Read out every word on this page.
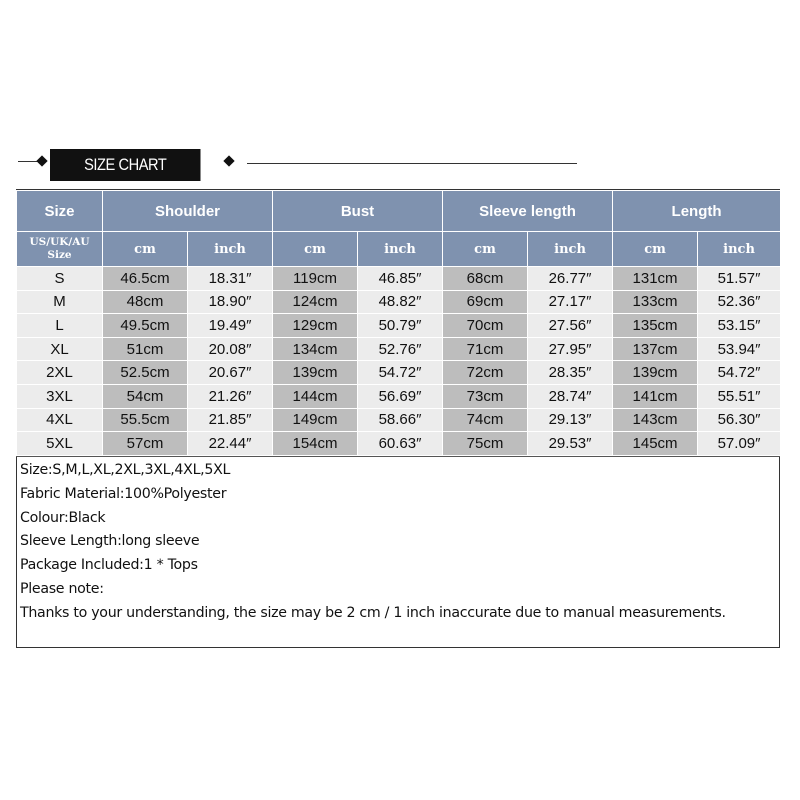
SIZE CHART
Size	Shoulder		Bust		Sleeve length		Length	

US/UK/AU
Size	cm	inch	cm	inch	cm	inch	cm	inch
S	46.5cm	18.31″	119cm	46.85″	68cm	26.77″	131cm	51.57″
M	48cm	18.90″	124cm	48.82″	69cm	27.17″	133cm	52.36″
L	49.5cm	19.49″	129cm	50.79″	70cm	27.56″	135cm	53.15″
XL	51cm	20.08″	134cm	52.76″	71cm	27.95″	137cm	53.94″
2XL	52.5cm	20.67″	139cm	54.72″	72cm	28.35″	139cm	54.72″
3XL	54cm	21.26″	144cm	56.69″	73cm	28.74″	141cm	55.51″
4XL	55.5cm	21.85″	149cm	58.66″	74cm	29.13″	143cm	56.30″
5XL	57cm	22.44″	154cm	60.63″	75cm	29.53″	145cm	57.09″
Size:S,M,L,XL,2XL,3XL,4XL,5XL
Fabric Material:100%Polyester
Colour:Black
Sleeve Length:long sleeve
Package Included:1 * Tops
Please note:
Thanks to your understanding, the size may be 2 cm / 1 inch inaccurate due to manual measurements.
